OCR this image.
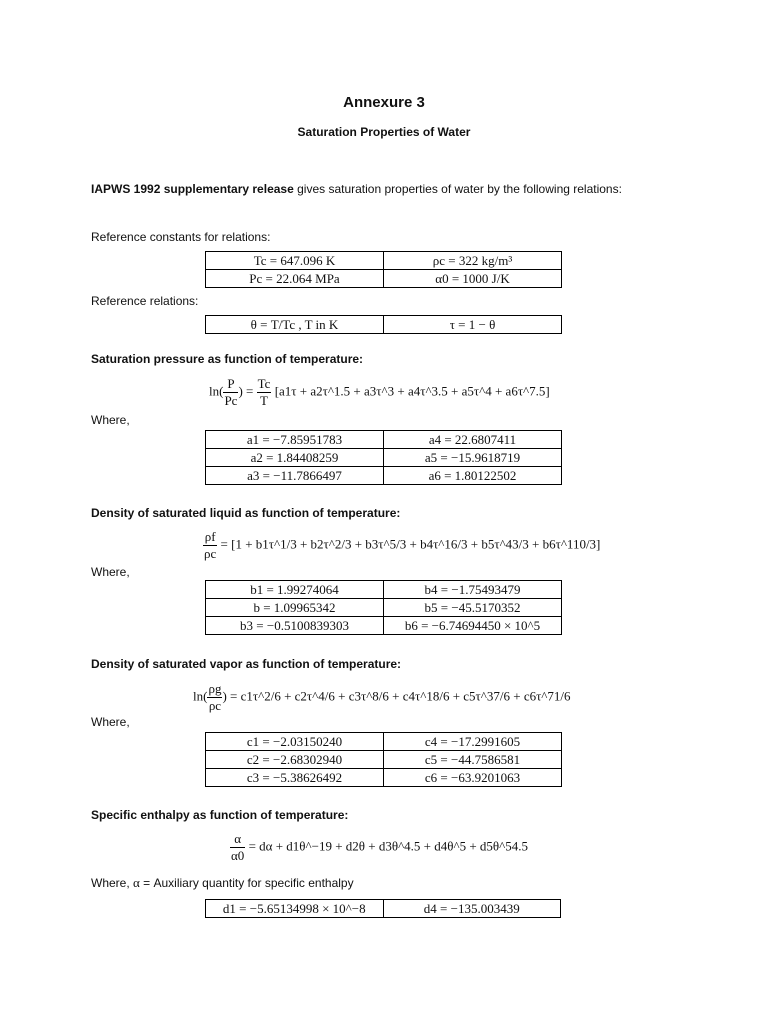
Annexure 3
Saturation Properties of Water
IAPWS 1992 supplementary release gives saturation properties of water by the following relations:
Reference constants for relations:
Tc = 647.096 K	ρc = 322 kg/m³
Pc = 22.064 MPa	α0 = 1000 J/K
Reference relations:
θ = T/Tc , T in K	τ = 1 − θ
Saturation pressure as function of temperature:
$\ln( \frac{P}{Pc}$ ) = $\frac{Tc}{T} [a1\tau$ + a2τ^1.5 + a3τ^3 + a4τ^3.5 + a5τ^4 + a6τ^7.5]
Where,
a1 = −7.85951783	a4 = 22.6807411
a2 = 1.84408259	a5 = −15.9618719
a3 = −11.7866497	a6 = 1.80122502
Density of saturated liquid as function of temperature:
$\frac{\rho f}{\rho c} = [1$ + b1τ^1/3 + b2τ^2/3 + b3τ^5/3 + b4τ^16/3 + b5τ^43/3 + b6τ^110/3]
Where,
b1 = 1.99274064	b4 = −1.75493479
b = 1.09965342	b5 = −45.5170352
b3 = −0.5100839303	b6 = −6.74694450 × 10^5
Density of saturated vapor as function of temperature:
$\ln( \frac{\rho g}{\rho c}$ ) = c1τ^2/6 + c2τ^4/6 + c3τ^8/6 + c4τ^18/6 + c5τ^37/6 + c6τ^71/6
Where,
c1 = −2.03150240	c4 = −17.2991605
c2 = −2.68302940	c5 = −44.7586581
c3 = −5.38626492	c6 = −63.9201063
Specific enthalpy as function of temperature:
$\frac{\alpha}{\alpha 0} = d\alpha$ + d1θ^−19 + d2θ + d3θ^4.5 + d4θ^5 + d5θ^54.5
Where, α = Auxiliary quantity for specific enthalpy
d1 = −5.65134998 × 10^−8	d4 = −135.003439
